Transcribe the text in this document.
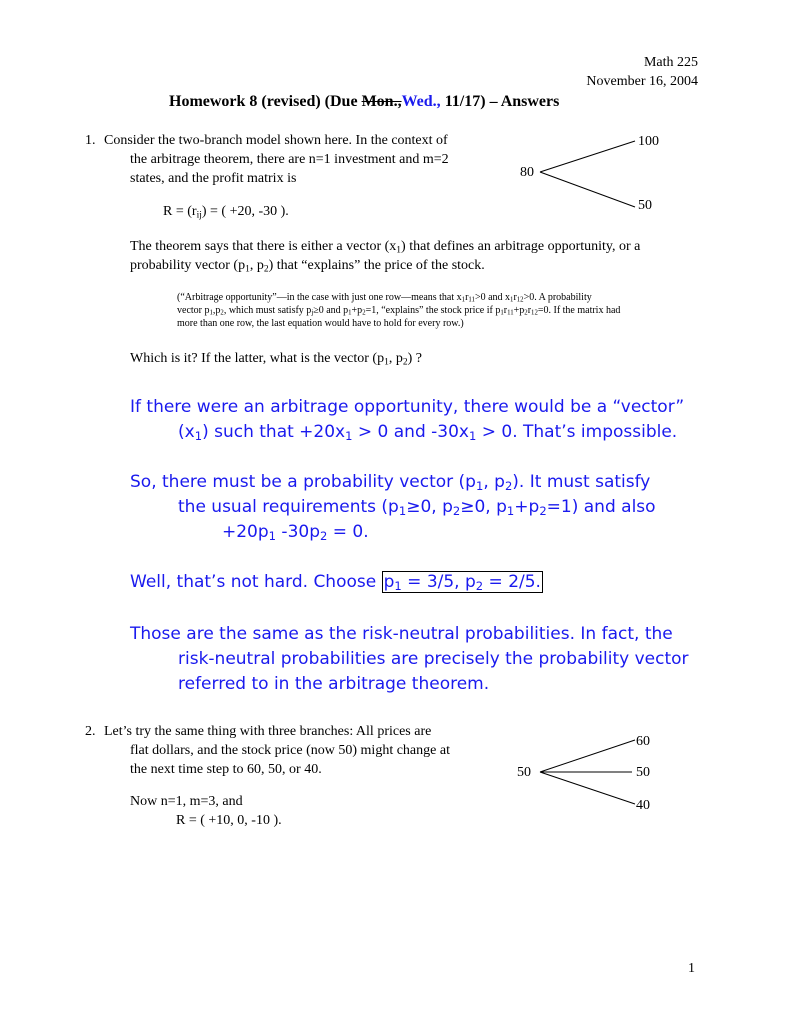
Math 225
November 16, 2004
Homework 8 (revised) (Due Mon.,Wed., 11/17) – Answers
1. Consider the two-branch model shown here. In the context of
the arbitrage theorem, there are n=1 investment and m=2
states, and the profit matrix is
$R = (r_{ij})$ = ( +20, -30 ).
The theorem says that there is either a vector $(x_1)$ that defines an arbitrage opportunity, or a
probability vector ($p_1$, $p_2$) that “explains” the price of the stock.
(“Arbitrage opportunity”—in the case with just one row—means that $x_1r_{11}>0$ and $x_1r_{12}>0$. A probability
vector $p_1,p_2$, which must satisfy $p_j\ge 0$ and $p_1+p_2=1$, “explains” the stock price if $p_1r_{11}+p_2r_{12}=0$. If the matrix had
more than one row, the last equation would have to hold for every row.)
Which is it? If the latter, what is the vector ($p_1$, $p_2$) ?
80
100
50
If there were an arbitrage opportunity, there would be a “vector”
$(x_1)$ such that $+20x_1 > 0$ and $-30x_1 > 0$. That’s impossible.
So, there must be a probability vector ($p_1$, $p_2$). It must satisfy
the usual requirements ($p_1\ge 0$, $p_2\ge 0$, $p_1+p_2=1$) and also
$+20p_1$ $-30p_2 = 0$.
Well, that’s not hard. Choose $p_1 = 3/5$, $p_2 = 2/5$.
Those are the same as the risk-neutral probabilities. In fact, the
risk-neutral probabilities are precisely the probability vector
referred to in the arbitrage theorem.
2. Let’s try the same thing with three branches: All prices are
flat dollars, and the stock price (now 50) might change at
the next time step to 60, 50, or 40.
Now n=1, m=3, and
R = ( +10, 0, -10 ).
50
60
50
40
1
